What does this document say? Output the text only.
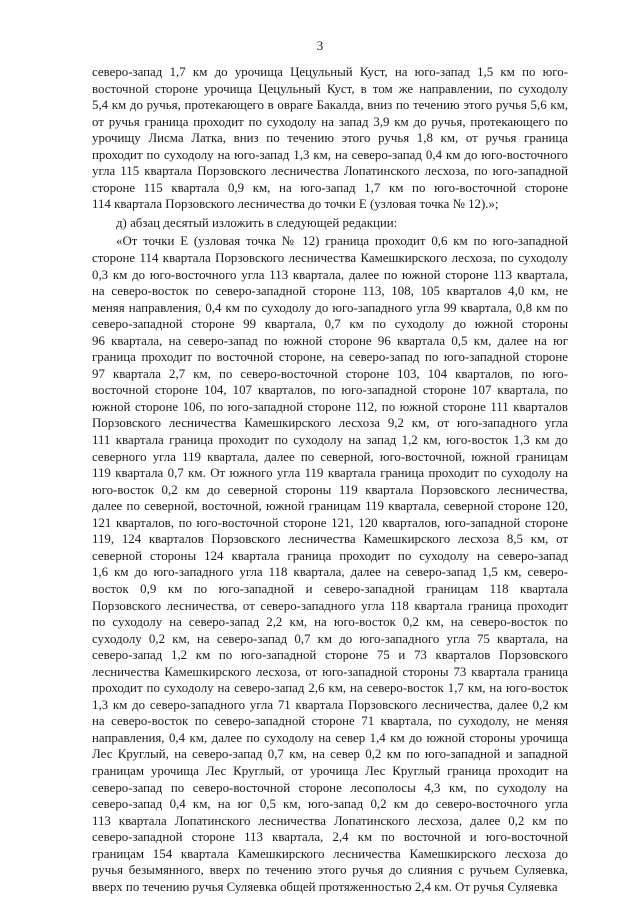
3
северо-запад 1,7 км до урочища Цецульный Куст, на юго-запад 1,5 км по юго-
восточной стороне урочища Цецульный Куст, в том же направлении, по суходолу
5,4 км до ручья, протекающего в овраге Бакалда, вниз по течению этого ручья 5,6 км,
от ручья граница проходит по суходолу на запад 3,9 км до ручья, протекающего по
урочищу Лисма Латка, вниз по течению этого ручья 1,8 км, от ручья граница
проходит по суходолу на юго-запад 1,3 км, на северо-запад 0,4 км до юго-восточного
угла 115 квартала Порзовского лесничества Лопатинского лесхоза, по юго-западной
стороне 115 квартала 0,9 км, на юго-запад 1,7 км по юго-восточной стороне
114 квартала Порзовского лесничества до точки Е (узловая точка № 12).»;
д) абзац десятый изложить в следующей редакции:
«От точки Е (узловая точка № 12) граница проходит 0,6 км по юго-западной
стороне 114 квартала Порзовского лесничества Камешкирского лесхоза, по суходолу
0,3 км до юго-восточного угла 113 квартала, далее по южной стороне 113 квартала,
на северо-восток по северо-западной стороне 113, 108, 105 кварталов 4,0 км, не
меняя направления, 0,4 км по суходолу до юго-западного угла 99 квартала, 0,8 км по
северо-западной стороне 99 квартала, 0,7 км по суходолу до южной стороны
96 квартала, на северо-запад по южной стороне 96 квартала 0,5 км, далее на юг
граница проходит по восточной стороне, на северо-запад по юго-западной стороне
97 квартала 2,7 км, по северо-восточной стороне 103, 104 кварталов, по юго-
восточной стороне 104, 107 кварталов, по юго-западной стороне 107 квартала, по
южной стороне 106, по юго-западной стороне 112, по южной стороне 111 кварталов
Порзовского лесничества Камешкирского лесхоза 9,2 км, от юго-западного угла
111 квартала граница проходит по суходолу на запад 1,2 км, юго-восток 1,3 км до
северного угла 119 квартала, далее по северной, юго-восточной, южной границам
119 квартала 0,7 км. От южного угла 119 квартала граница проходит по суходолу на
юго-восток 0,2 км до северной стороны 119 квартала Порзовского лесничества,
далее по северной, восточной, южной границам 119 квартала, северной стороне 120,
121 кварталов, по юго-восточной стороне 121, 120 кварталов, юго-западной стороне
119, 124 кварталов Порзовского лесничества Камешкирского лесхоза 8,5 км, от
северной стороны 124 квартала граница проходит по суходолу на северо-запад
1,6 км до юго-западного угла 118 квартала, далее на северо-запад 1,5 км, северо-
восток 0,9 км по юго-западной и северо-западной границам 118 квартала
Порзовского лесничества, от северо-западного угла 118 квартала граница проходит
по суходолу на северо-запад 2,2 км, на юго-восток 0,2 км, на северо-восток по
суходолу 0,2 км, на северо-запад 0,7 км до юго-западного угла 75 квартала, на
северо-запад 1,2 км по юго-западной стороне 75 и 73 кварталов Порзовского
лесничества Камешкирского лесхоза, от юго-западной стороны 73 квартала граница
проходит по суходолу на северо-запад 2,6 км, на северо-восток 1,7 км, на юго-восток
1,3 км до северо-западного угла 71 квартала Порзовского лесничества, далее 0,2 км
на северо-восток по северо-западной стороне 71 квартала, по суходолу, не меняя
направления, 0,4 км, далее по суходолу на север 1,4 км до южной стороны урочища
Лес Круглый, на северо-запад 0,7 км, на север 0,2 км по юго-западной и западной
границам урочища Лес Круглый, от урочища Лес Круглый граница проходит на
северо-запад по северо-восточной стороне лесополосы 4,3 км, по суходолу на
северо-запад 0,4 км, на юг 0,5 км, юго-запад 0,2 км до северо-восточного угла
113 квартала Лопатинского лесничества Лопатинского лесхоза, далее 0,2 км по
северо-западной стороне 113 квартала, 2,4 км по восточной и юго-восточной
границам 154 квартала Камешкирского лесничества Камешкирского лесхоза до
ручья безымянного, вверх по течению этого ручья до слияния с ручьем Суляевка,
вверх по течению ручья Суляевка общей протяженностью 2,4 км. От ручья Суляевка
